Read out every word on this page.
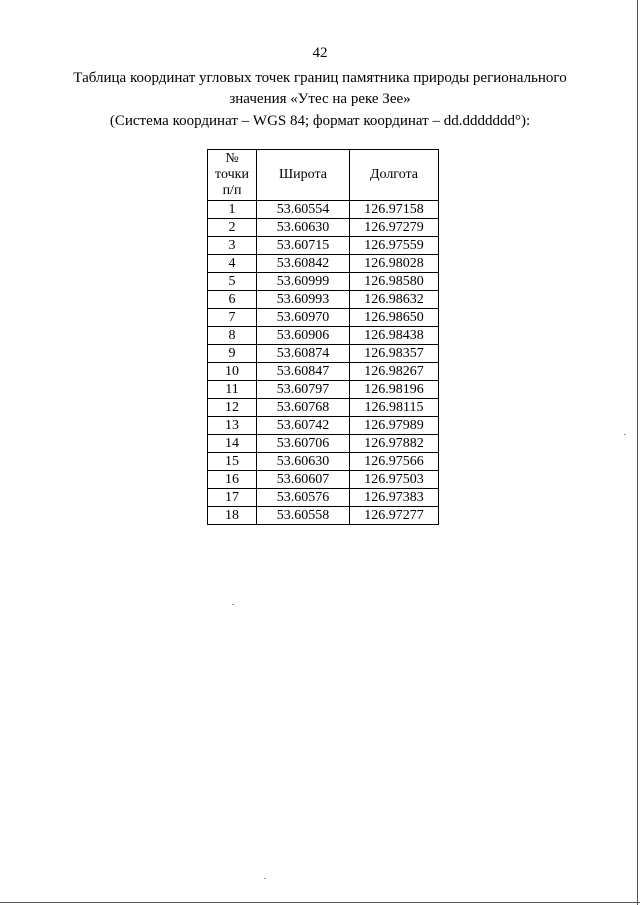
42
Таблица координат угловых точек границ памятника природы регионального значения «Утес на реке Зее»
(Система координат – WGS 84; формат координат – dd.ddddddd°):
№
точки
п/п	Широта	Долгота
1	53.60554	126.97158
2	53.60630	126.97279
3	53.60715	126.97559
4	53.60842	126.98028
5	53.60999	126.98580
6	53.60993	126.98632
7	53.60970	126.98650
8	53.60906	126.98438
9	53.60874	126.98357
10	53.60847	126.98267
11	53.60797	126.98196
12	53.60768	126.98115
13	53.60742	126.97989
14	53.60706	126.97882
15	53.60630	126.97566
16	53.60607	126.97503
17	53.60576	126.97383
18	53.60558	126.97277
